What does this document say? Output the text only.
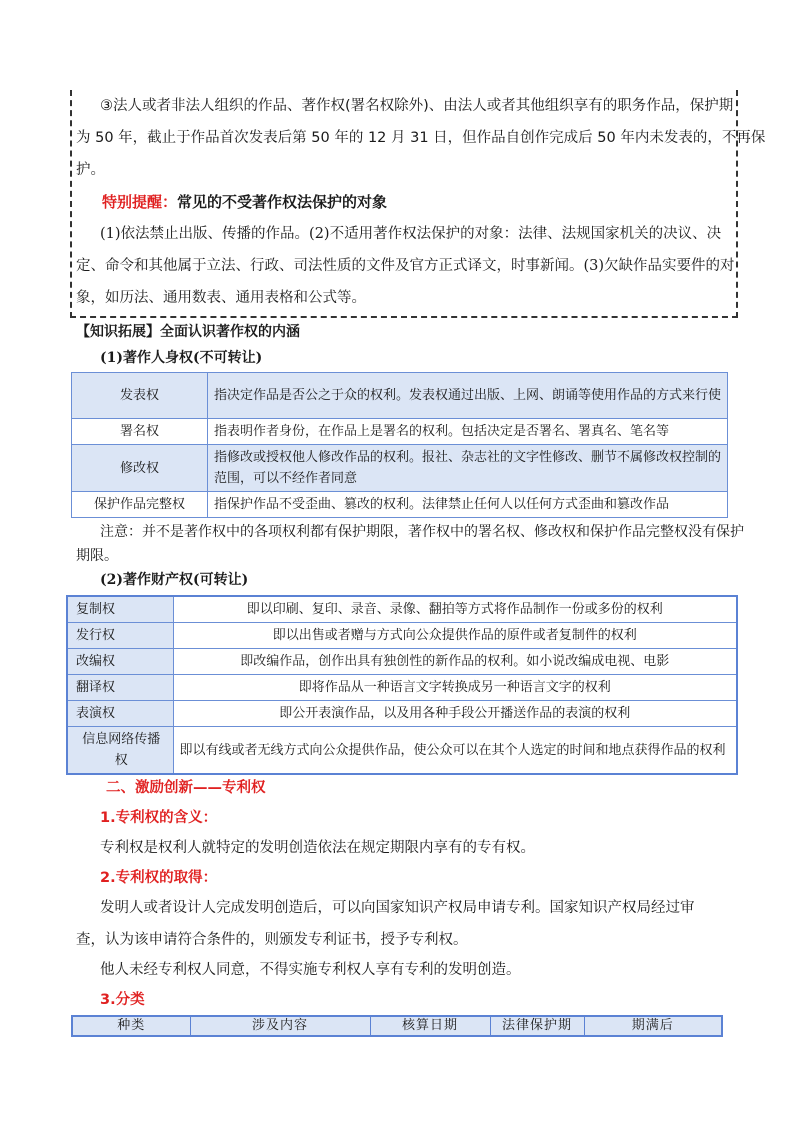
③法人或者非法人组织的作品、著作权(署名权除外)、由法人或者其他组织享有的职务作品，保护期
为 50 年，截止于作品首次发表后第 50 年的 12 月 31 日，但作品自创作完成后 50 年内未发表的，不再保
护。
特别提醒：常见的不受著作权法保护的对象
(1)依法禁止出版、传播的作品。(2)不适用著作权法保护的对象：法律、法规国家机关的决议、决
定、命令和其他属于立法、行政、司法性质的文件及官方正式译文，时事新闻。(3)欠缺作品实要件的对
象，如历法、通用数表、通用表格和公式等。
【知识拓展】全面认识著作权的内涵
(1)著作人身权(不可转让)
发表权	指决定作品是否公之于众的权利。发表权通过出版、上网、朗诵等使用作品的方式来行使
署名权	指表明作者身份，在作品上是署名的权利。包括决定是否署名、署真名、笔名等
修改权	指修改或授权他人修改作品的权利。报社、杂志社的文字性修改、删节不属修改权控制的范围，可以不经作者同意
保护作品完整权	指保护作品不受歪曲、篡改的权利。法律禁止任何人以任何方式歪曲和篡改作品
注意：并不是著作权中的各项权利都有保护期限，著作权中的署名权、修改权和保护作品完整权没有保护
期限。
(2)著作财产权(可转让)
复制权	即以印刷、复印、录音、录像、翻拍等方式将作品制作一份或多份的权利
发行权	即以出售或者赠与方式向公众提供作品的原件或者复制件的权利
改编权	即改编作品，创作出具有独创性的新作品的权利。如小说改编成电视、电影
翻译权	即将作品从一种语言文字转换成另一种语言文字的权利
表演权	即公开表演作品，以及用各种手段公开播送作品的表演的权利
信息网络传播权	即以有线或者无线方式向公众提供作品，使公众可以在其个人选定的时间和地点获得作品的权利
二、激励创新——专利权
1.专利权的含义：
专利权是权利人就特定的发明创造依法在规定期限内享有的专有权。
2.专利权的取得：
发明人或者设计人完成发明创造后，可以向国家知识产权局申请专利。国家知识产权局经过审
查，认为该申请符合条件的，则颁发专利证书，授予专利权。
他人未经专利权人同意，不得实施专利权人享有专利的发明创造。
3.分类
种类	涉及内容	核算日期	法律保护期	期满后
